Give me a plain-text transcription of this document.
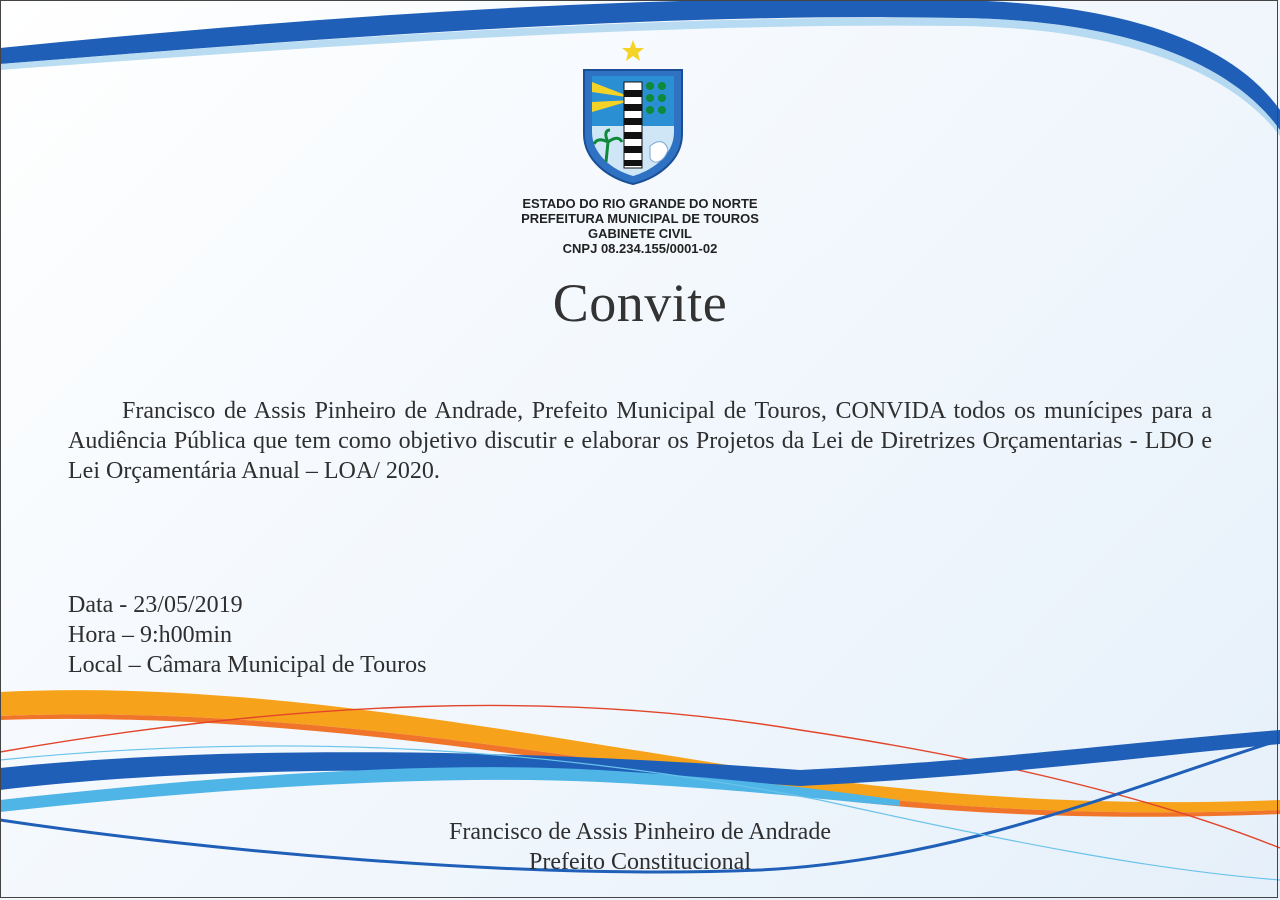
ESTADO DO RIO GRANDE DO NORTE
PREFEITURA MUNICIPAL DE TOUROS
GABINETE CIVIL
CNPJ 08.234.155/0001-02
Convite
Francisco de Assis Pinheiro de Andrade, Prefeito Municipal de Touros, CONVIDA todos os munícipes para a Audiência Pública que tem como objetivo discutir e elaborar os Projetos da Lei de Diretrizes Orçamentarias - LDO e Lei Orçamentária Anual – LOA/ 2020.
Data - 23/05/2019
Hora – 9:h00min
Local – Câmara Municipal de Touros
Francisco de Assis Pinheiro de Andrade
Prefeito Constitucional
